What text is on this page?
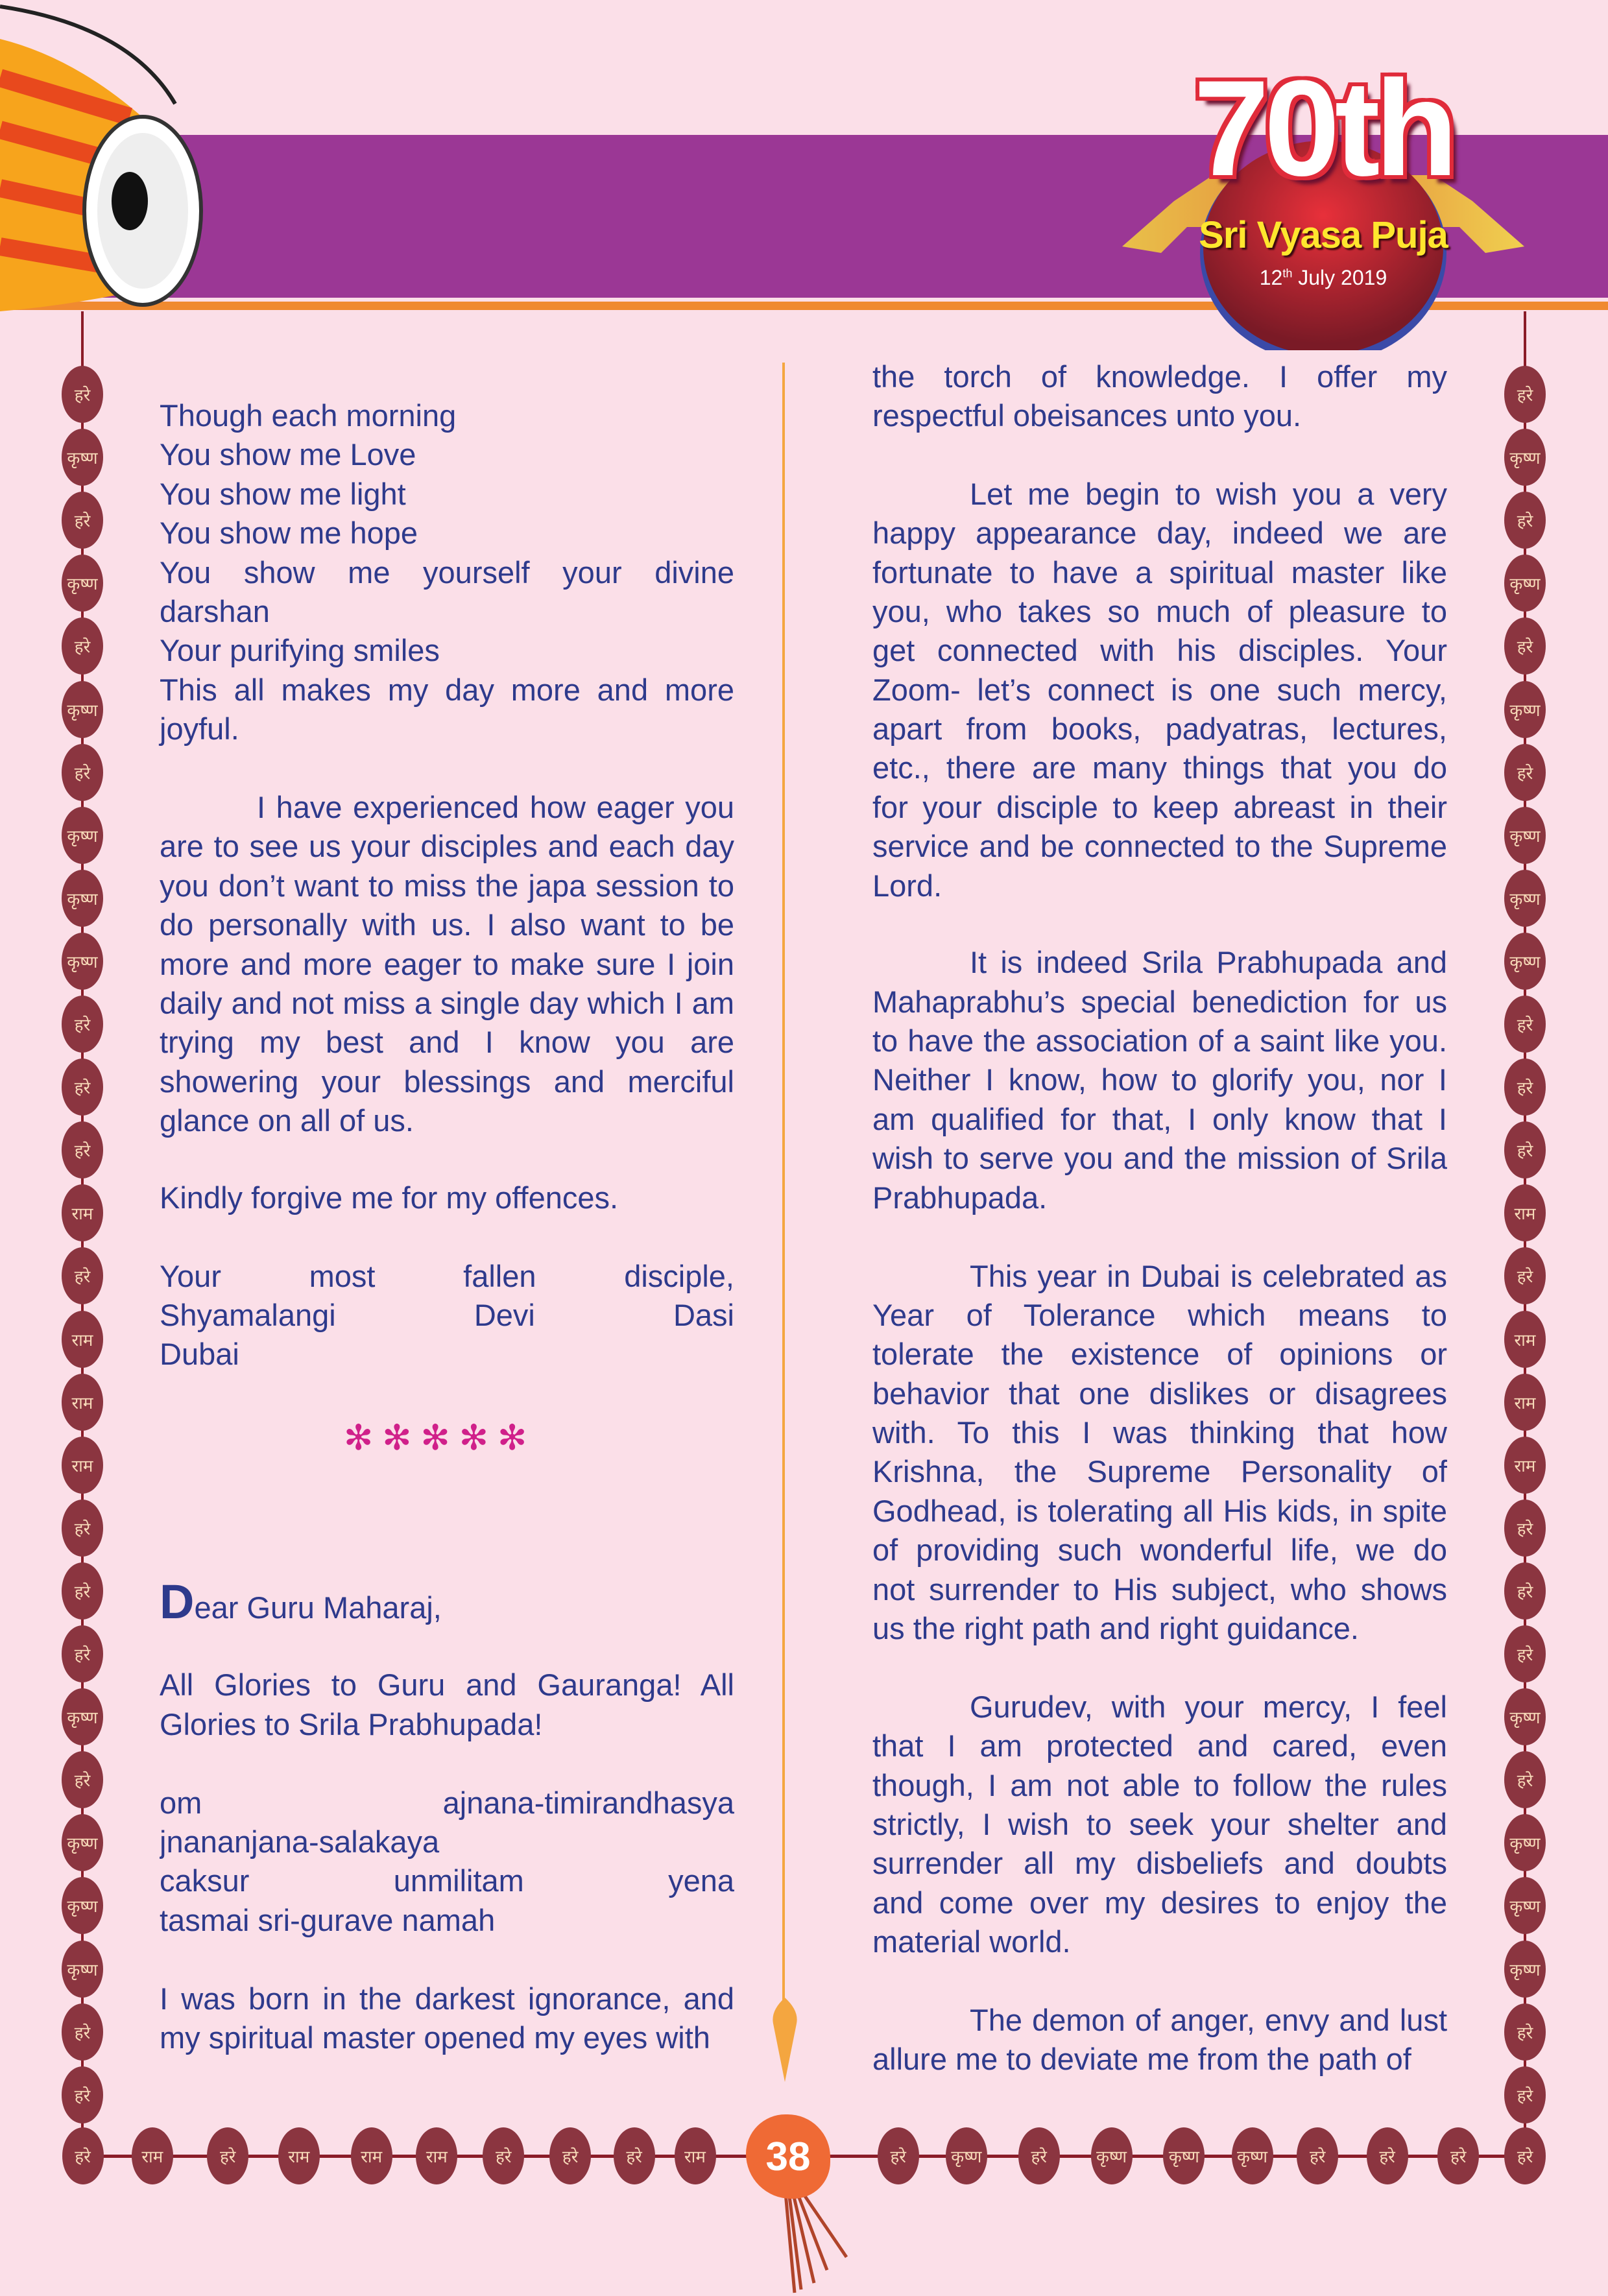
70th
Sri Vyasa Puja
12th July 2019
Though each morning
You show me Love
You show me light
You show me hope
You show me yourself your divine
darshan
Your purifying smiles
This all makes my day more and more
joyful.
I have experienced how eager you
are to see us your disciples and each day
you don’t want to miss the japa session to
do personally with us. I also want to be
more and more eager to make sure I join
daily and not miss a single day which I am
trying my best and I know you are
showering your blessings and merciful
glance on all of us.
Kindly forgive me for my offences.
Your most fallen disciple,
Shyamalangi Devi Dasi
Dubai
All Glories to Guru and Gauranga! All
Glories to Srila Prabhupada!
om ajnana-timirandhasya
jnananjana-salakaya
caksur unmilitam yena
tasmai sri-gurave namah
I was born in the darkest ignorance, and
my spiritual master opened my eyes with
the torch of knowledge. I offer my
respectful obeisances unto you.
Let me begin to wish you a very
happy appearance day, indeed we are
fortunate to have a spiritual master like
you, who takes so much of pleasure to
get connected with his disciples. Your
Zoom- let’s connect is one such mercy,
apart from books, padyatras, lectures,
etc., there are many things that you do
for your disciple to keep abreast in their
service and be connected to the Supreme
Lord.
It is indeed Srila Prabhupada and
Mahaprabhu’s special benediction for us
to have the association of a saint like you.
Neither I know, how to glorify you, nor I
am qualified for that, I only know that I
wish to serve you and the mission of Srila
Prabhupada.
This year in Dubai is celebrated as
Year of Tolerance which means to
tolerate the existence of opinions or
behavior that one dislikes or disagrees
with. To this I was thinking that how
Krishna, the Supreme Personality of
Godhead, is tolerating all His kids, in spite
of providing such wonderful life, we do
not surrender to His subject, who shows
us the right path and right guidance.
Gurudev, with your mercy, I feel
that I am protected and cared, even
though, I am not able to follow the rules
strictly, I wish to seek your shelter and
surrender all my disbeliefs and doubts
and come over my desires to enjoy the
material world.
The demon of anger, envy and lust
allure me to deviate me from the path of
✻✻✻✻✻
Dear Guru Maharaj,
हरे	हरे
कृष्ण	कृष्ण
हरे	हरे
कृष्ण	कृष्ण
हरे	हरे
कृष्ण	कृष्ण
हरे	हरे
कृष्ण	कृष्ण
कृष्ण	कृष्ण
कृष्ण	कृष्ण
हरे	हरे
हरे	हरे
हरे	हरे
राम	राम
हरे	हरे
राम	राम
राम	राम
राम	राम
हरे	हरे
हरे	हरे
हरे	हरे
कृष्ण	कृष्ण
हरे	हरे
कृष्ण	कृष्ण
कृष्ण	कृष्ण
कृष्ण	कृष्ण
हरे	हरे
हरे	हरे
हरे	राम	हरे	राम	राम	राम	हरे	हरे	हरे	राम	हरे	कृष्ण	हरे	कृष्ण	कृष्ण	कृष्ण	हरे	हरे	हरे	हरे
38
